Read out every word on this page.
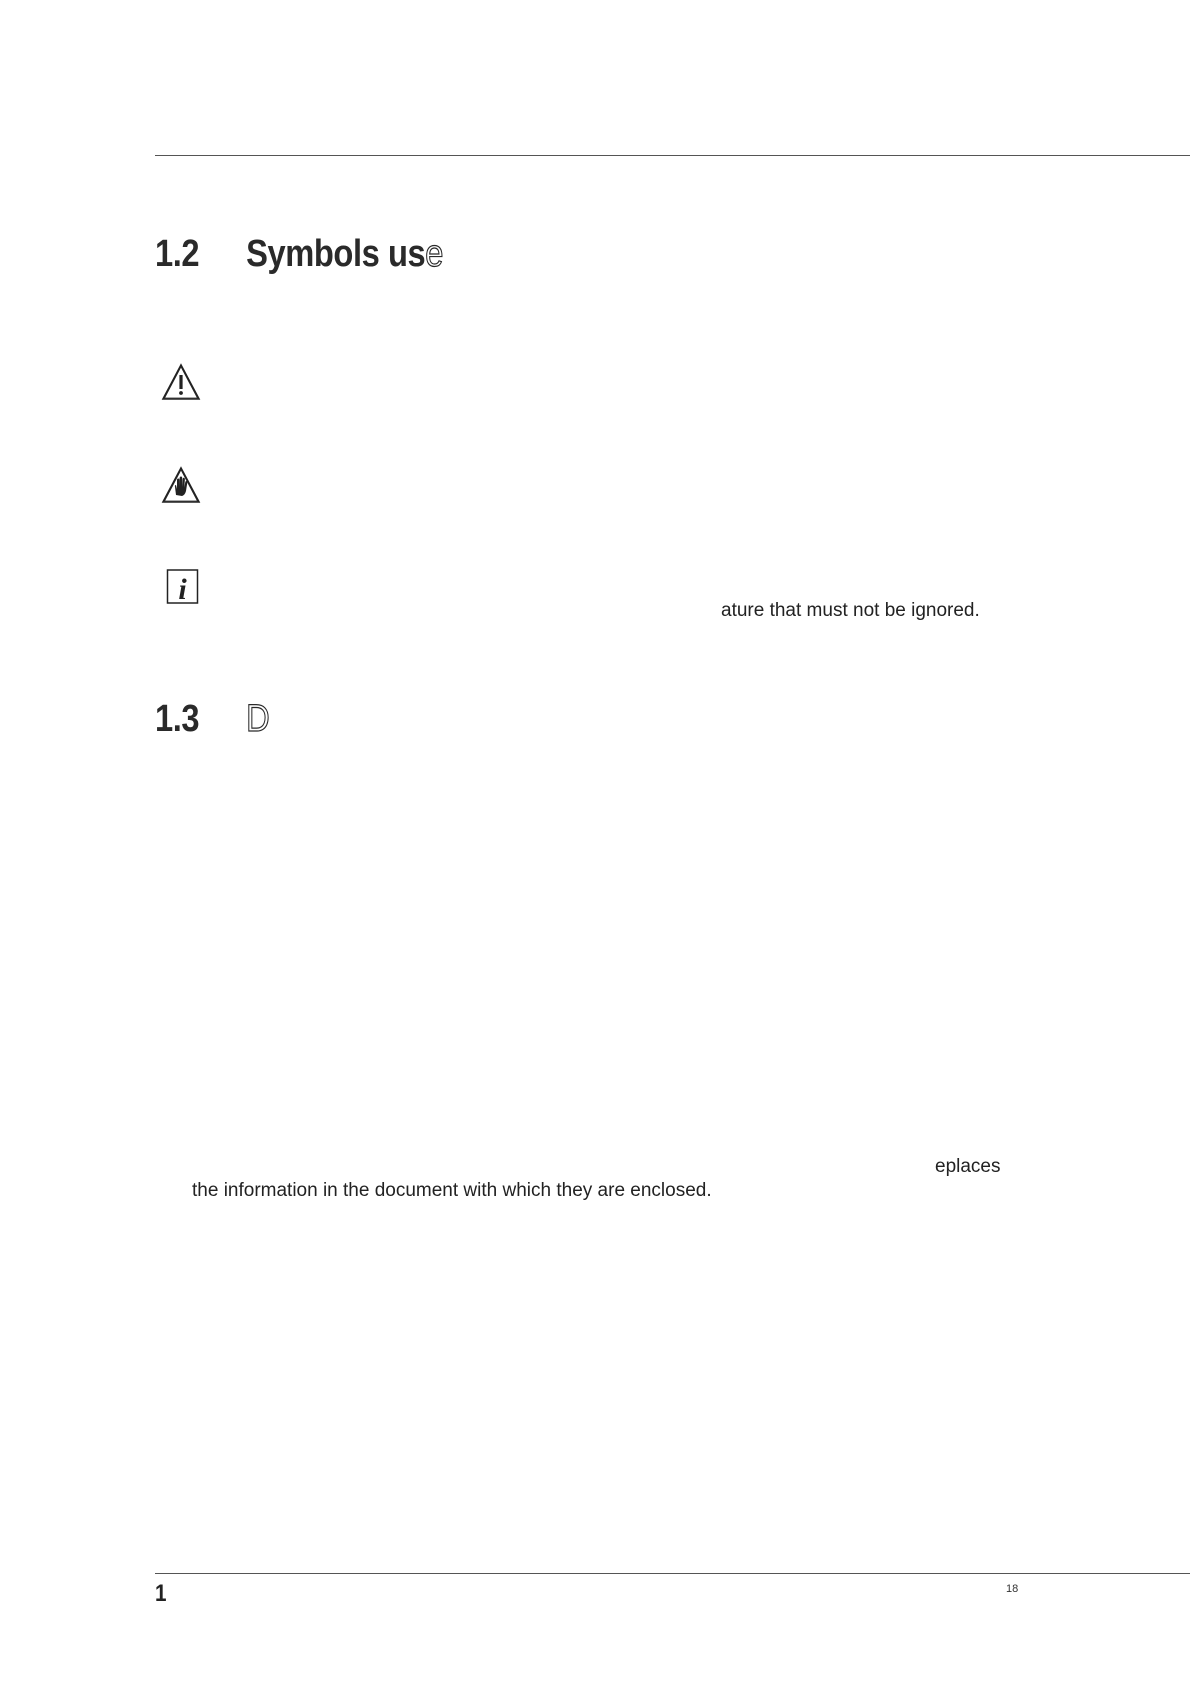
1.2 Symbols use
i
ature that must not be ignored.
1.3 D
eplaces
the information in the document with which they are enclosed.
1	18
